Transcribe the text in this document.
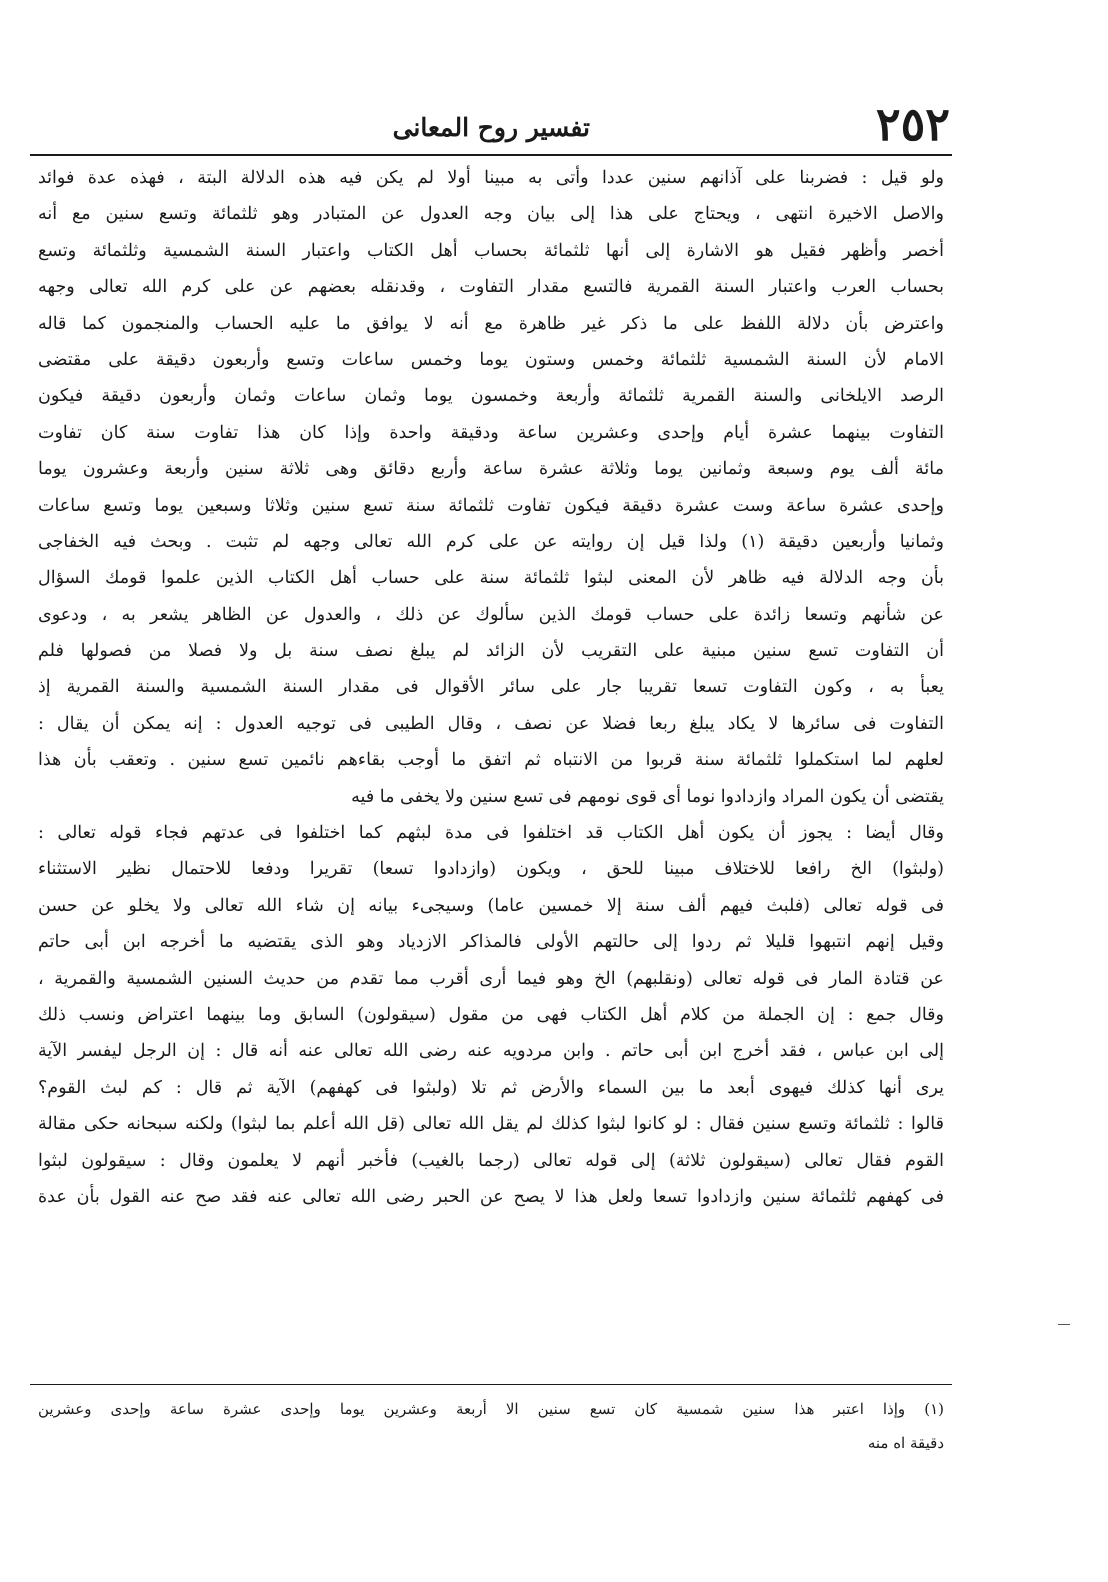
٢٥٢
تفسير روح المعانى
ولو قيل : فضربنا على آذانهم سنين عددا وأتى به مبينا أولا لم يكن فيه هذه الدلالة البتة ، فهذه عدة فوائد
والاصل الاخيرة انتهى ، ويحتاج على هذا إلى بيان وجه العدول عن المتبادر وهو ثلثمائة وتسع سنين مع أنه
أخصر وأظهر فقيل هو الاشارة إلى أنها ثلثمائة بحساب أهل الكتاب واعتبار السنة الشمسية وثلثمائة وتسع
بحساب العرب واعتبار السنة القمرية فالتسع مقدار التفاوت ، وقدنقله بعضهم عن على كرم الله تعالى وجهه
واعترض بأن دلالة اللفظ على ما ذكر غير ظاهرة مع أنه لا يوافق ما عليه الحساب والمنجمون كما قاله
الامام لأن السنة الشمسية ثلثمائة وخمس وستون يوما وخمس ساعات وتسع وأربعون دقيقة على مقتضى
الرصد الايلخانى والسنة القمرية ثلثمائة وأربعة وخمسون يوما وثمان ساعات وثمان وأربعون دقيقة فيكون
التفاوت بينهما عشرة أيام وإحدى وعشرين ساعة ودقيقة واحدة وإذا كان هذا تفاوت سنة كان تفاوت
مائة ألف يوم وسبعة وثمانين يوما وثلاثة عشرة ساعة وأربع دقائق وهى ثلاثة سنين وأربعة وعشرون يوما
وإحدى عشرة ساعة وست عشرة دقيقة فيكون تفاوت ثلثمائة سنة تسع سنين وثلاثا وسبعين يوما وتسع ساعات
وثمانيا وأربعين دقيقة (١) ولذا قيل إن روايته عن على كرم الله تعالى وجهه لم تثبت . وبحث فيه الخفاجى
بأن وجه الدلالة فيه ظاهر لأن المعنى لبثوا ثلثمائة سنة على حساب أهل الكتاب الذين علموا قومك السؤال
عن شأنهم وتسعا زائدة على حساب قومك الذين سألوك عن ذلك ، والعدول عن الظاهر يشعر به ، ودعوى
أن التفاوت تسع سنين مبنية على التقريب لأن الزائد لم يبلغ نصف سنة بل ولا فصلا من فصولها فلم
يعبأ به ، وكون التفاوت تسعا تقريبا جار على سائر الأقوال فى مقدار السنة الشمسية والسنة القمرية إذ
التفاوت فى سائرها لا يكاد يبلغ ربعا فضلا عن نصف ، وقال الطيبى فى توجيه العدول : إنه يمكن أن يقال :
لعلهم لما استكملوا ثلثمائة سنة قربوا من الانتباه ثم اتفق ما أوجب بقاءهم نائمين تسع سنين . وتعقب بأن هذا
يقتضى أن يكون المراد وازدادوا نوما أى قوى نومهم فى تسع سنين ولا يخفى ما فيه
وقال أيضا : يجوز أن يكون أهل الكتاب قد اختلفوا فى مدة لبثهم كما اختلفوا فى عدتهم فجاء قوله تعالى :
(ولبثوا) الخ رافعا للاختلاف مبينا للحق ، ويكون (وازدادوا تسعا) تقريرا ودفعا للاحتمال نظير الاستثناء
فى قوله تعالى (فلبث فيهم ألف سنة إلا خمسين عاما) وسيجىء بيانه إن شاء الله تعالى ولا يخلو عن حسن
وقيل إنهم انتبهوا قليلا ثم ردوا إلى حالتهم الأولى فالمذاكر الازدياد وهو الذى يقتضيه ما أخرجه ابن أبى حاتم
عن قتادة المار فى قوله تعالى (ونقلبهم) الخ وهو فيما أرى أقرب مما تقدم من حديث السنين الشمسية والقمرية ،
وقال جمع : إن الجملة من كلام أهل الكتاب فهى من مقول (سيقولون) السابق وما بينهما اعتراض ونسب ذلك
إلى ابن عباس ، فقد أخرج ابن أبى حاتم . وابن مردويه عنه رضى الله تعالى عنه أنه قال : إن الرجل ليفسر الآية
يرى أنها كذلك فيهوى أبعد ما بين السماء والأرض ثم تلا (ولبثوا فى كهفهم) الآية ثم قال : كم لبث القوم؟
قالوا : ثلثمائة وتسع سنين فقال : لو كانوا لبثوا كذلك لم يقل الله تعالى (قل الله أعلم بما لبثوا) ولكنه سبحانه حكى مقالة
القوم فقال تعالى (سيقولون ثلاثة) إلى قوله تعالى (رجما بالغيب) فأخبر أنهم لا يعلمون وقال : سيقولون لبثوا
فى كهفهم ثلثمائة سنين وازدادوا تسعا ولعل هذا لا يصح عن الحبر رضى الله تعالى عنه فقد صح عنه القول بأن عدة
(١) وإذا اعتبر هذا سنين شمسية كان تسع سنين الا أربعة وعشرين يوما وإحدى عشرة ساعة وإحدى وعشرين
دقيقة اه منه
